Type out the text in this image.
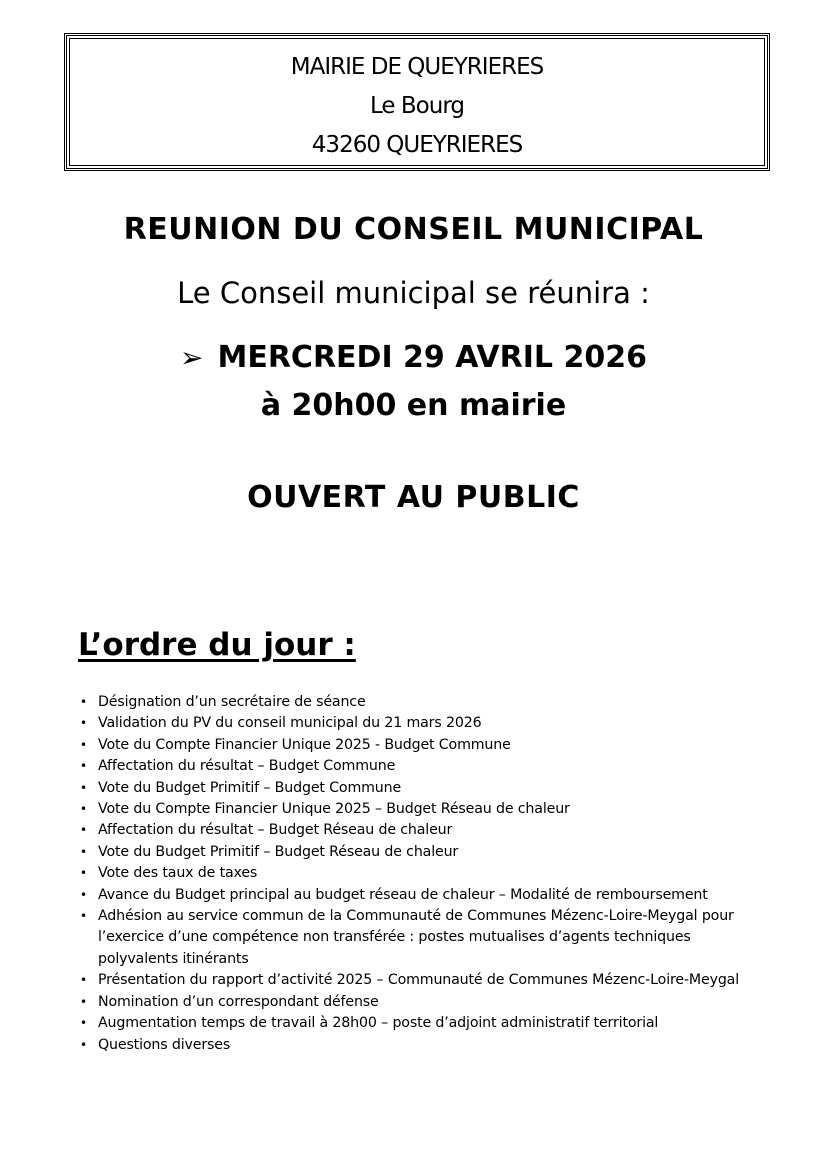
MAIRIE DE QUEYRIERES
Le Bourg
43260 QUEYRIERES
REUNION DU CONSEIL MUNICIPAL
Le Conseil municipal se réunira :
➢ MERCREDI 29 AVRIL 2026
à 20h00 en mairie
OUVERT AU PUBLIC
L’ordre du jour :
• Désignation d’un secrétaire de séance
• Validation du PV du conseil municipal du 21 mars 2026
• Vote du Compte Financier Unique 2025 - Budget Commune
• Affectation du résultat – Budget Commune
• Vote du Budget Primitif – Budget Commune
• Vote du Compte Financier Unique 2025 – Budget Réseau de chaleur
• Affectation du résultat – Budget Réseau de chaleur
• Vote du Budget Primitif – Budget Réseau de chaleur
• Vote des taux de taxes
• Avance du Budget principal au budget réseau de chaleur – Modalité de remboursement
• Adhésion au service commun de la Communauté de Communes Mézenc-Loire-Meygal pour l’exercice d’une compétence non transférée : postes mutualises d’agents techniques polyvalents itinérants
• Présentation du rapport d’activité 2025 – Communauté de Communes Mézenc-Loire-Meygal
• Nomination d’un correspondant défense
• Augmentation temps de travail à 28h00 – poste d’adjoint administratif territorial
• Questions diverses
